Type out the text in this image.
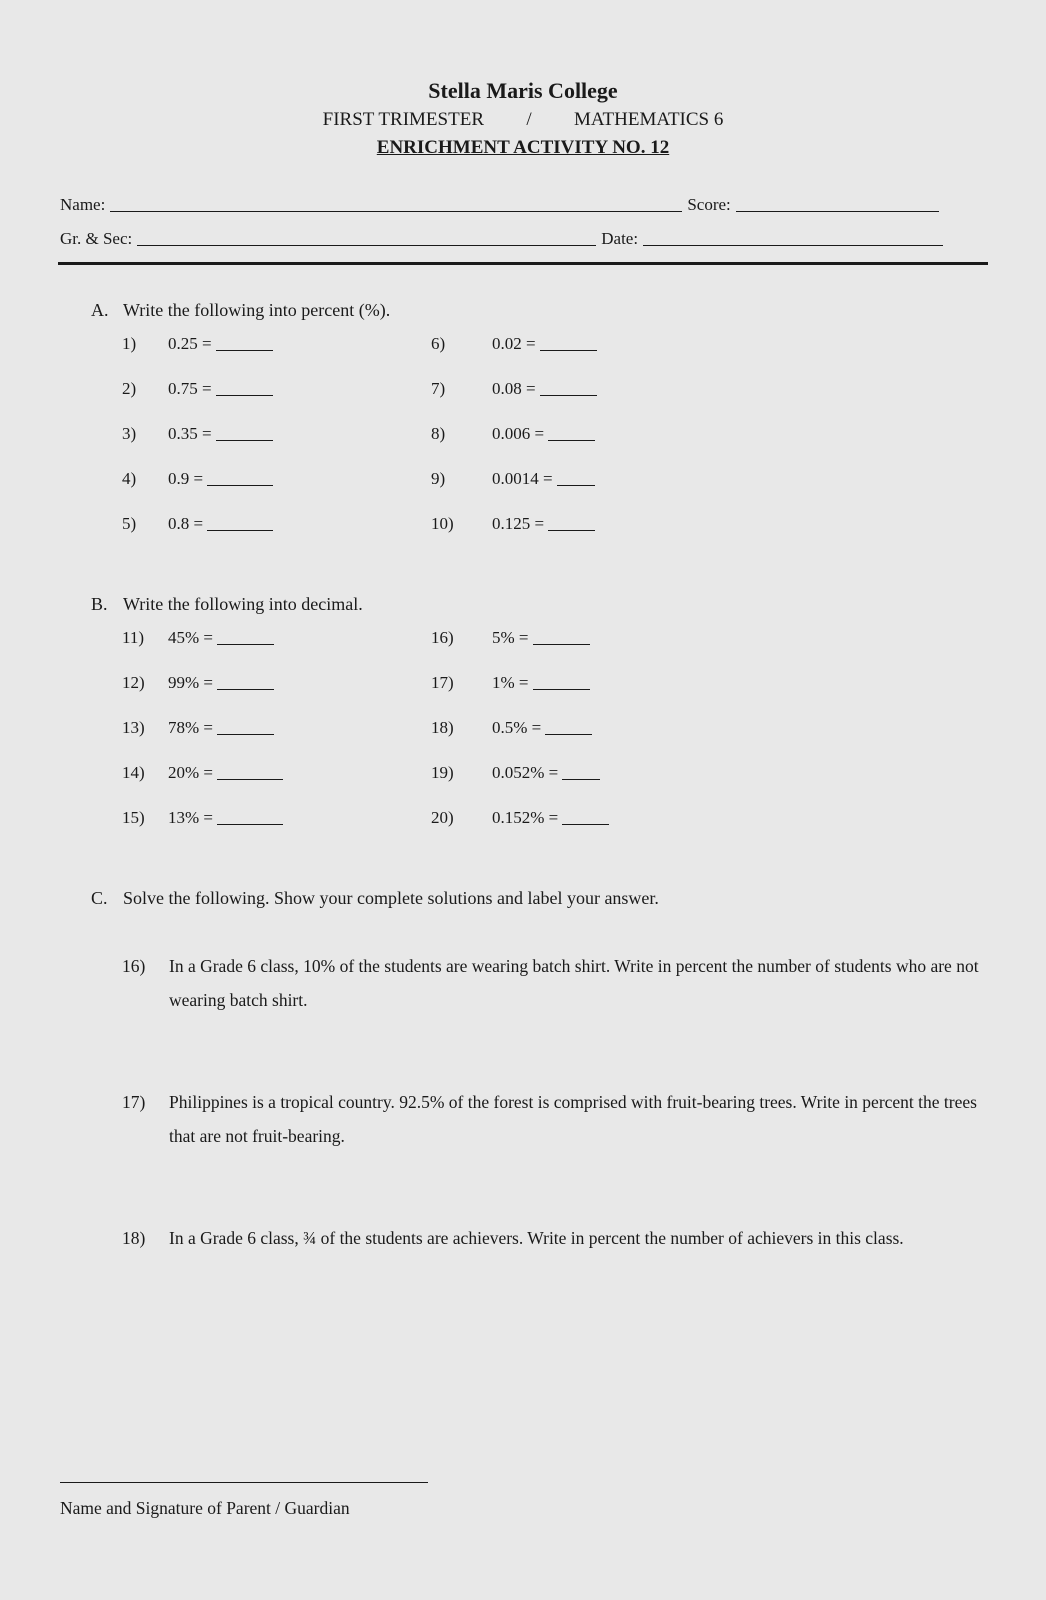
Stella Maris College
FIRST TRIMESTER / MATHEMATICS 6
ENRICHMENT ACTIVITY NO. 12
Name:	Score:
Gr. & Sec:	Date:
A. Write the following into percent (%).
1)	0.25 =
2)	0.75 =
3)	0.35 =
4)	0.9 =
5)	0.8 =
6)	0.02 =
7)	0.08 =
8)	0.006 =
9)	0.0014 =
10)	0.125 =
B. Write the following into decimal.
11)	45% =
12)	99% =
13)	78% =
14)	20% =
15)	13% =
16)	5% =
17)	1% =
18)	0.5% =
19)	0.052% =
20)	0.152% =
C. Solve the following. Show your complete solutions and label your answer.
16)	In a Grade 6 class, 10% of the students are wearing batch shirt. Write in percent the number of students who are not wearing batch shirt.
17)	Philippines is a tropical country. 92.5% of the forest is comprised with fruit-bearing trees. Write in percent the trees that are not fruit-bearing.
18)	In a Grade 6 class, ¾ of the students are achievers. Write in percent the number of achievers in this class.
Name and Signature of Parent / Guardian
